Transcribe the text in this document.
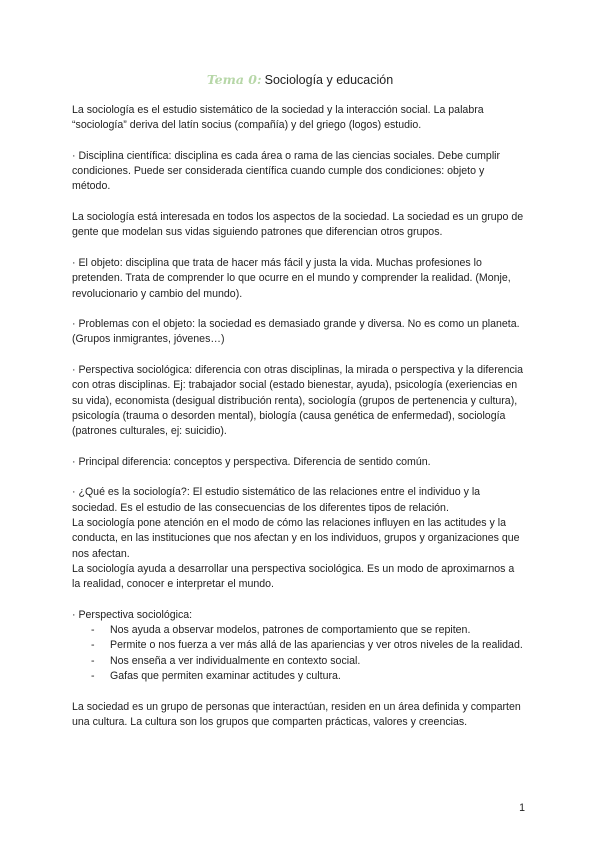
Tema 0: Sociología y educación

La sociología es el estudio sistemático de la sociedad y la interacción social. La palabra “sociología” deriva del latín socius (compañía) y del griego (logos) estudio.

· Disciplina científica: disciplina es cada área o rama de las ciencias sociales. Debe cumplir condiciones. Puede ser considerada científica cuando cumple dos condiciones: objeto y método.

La sociología está interesada en todos los aspectos de la sociedad. La sociedad es un grupo de gente que modelan sus vidas siguiendo patrones que diferencian otros grupos.

· El objeto: disciplina que trata de hacer más fácil y justa la vida. Muchas profesiones lo pretenden. Trata de comprender lo que ocurre en el mundo y comprender la realidad. (Monje, revolucionario y cambio del mundo).

· Problemas con el objeto: la sociedad es demasiado grande y diversa. No es como un planeta. (Grupos inmigrantes, jóvenes…)

· Perspectiva sociológica: diferencia con otras disciplinas, la mirada o perspectiva y la diferencia con otras disciplinas. Ej: trabajador social (estado bienestar, ayuda), psicología (exeriencias en su vida), economista (desigual distribución renta), sociología (grupos de pertenencia y cultura), psicología (trauma o desorden mental), biología (causa genética de enfermedad), sociología (patrones culturales, ej: suicidio).

· Principal diferencia: conceptos y perspectiva. Diferencia de sentido común.

· ¿Qué es la sociología?: El estudio sistemático de las relaciones entre el individuo y la sociedad. Es el estudio de las consecuencias de los diferentes tipos de relación.

La sociología pone atención en el modo de cómo las relaciones influyen en las actitudes y la conducta, en las instituciones que nos afectan y en los individuos, grupos y organizaciones que nos afectan.

La sociología ayuda a desarrollar una perspectiva sociológica. Es un modo de aproximarnos a la realidad, conocer e interpretar el mundo.

· Perspectiva sociológica:

- Nos ayuda a observar modelos, patrones de comportamiento que se repiten.
- Permite o nos fuerza a ver más allá de las apariencias y ver otros niveles de la realidad.
- Nos enseña a ver individualmente en contexto social.
- Gafas que permiten examinar actitudes y cultura.

La sociedad es un grupo de personas que interactúan, residen en un área definida y comparten una cultura. La cultura son los grupos que comparten prácticas, valores y creencias.

1
